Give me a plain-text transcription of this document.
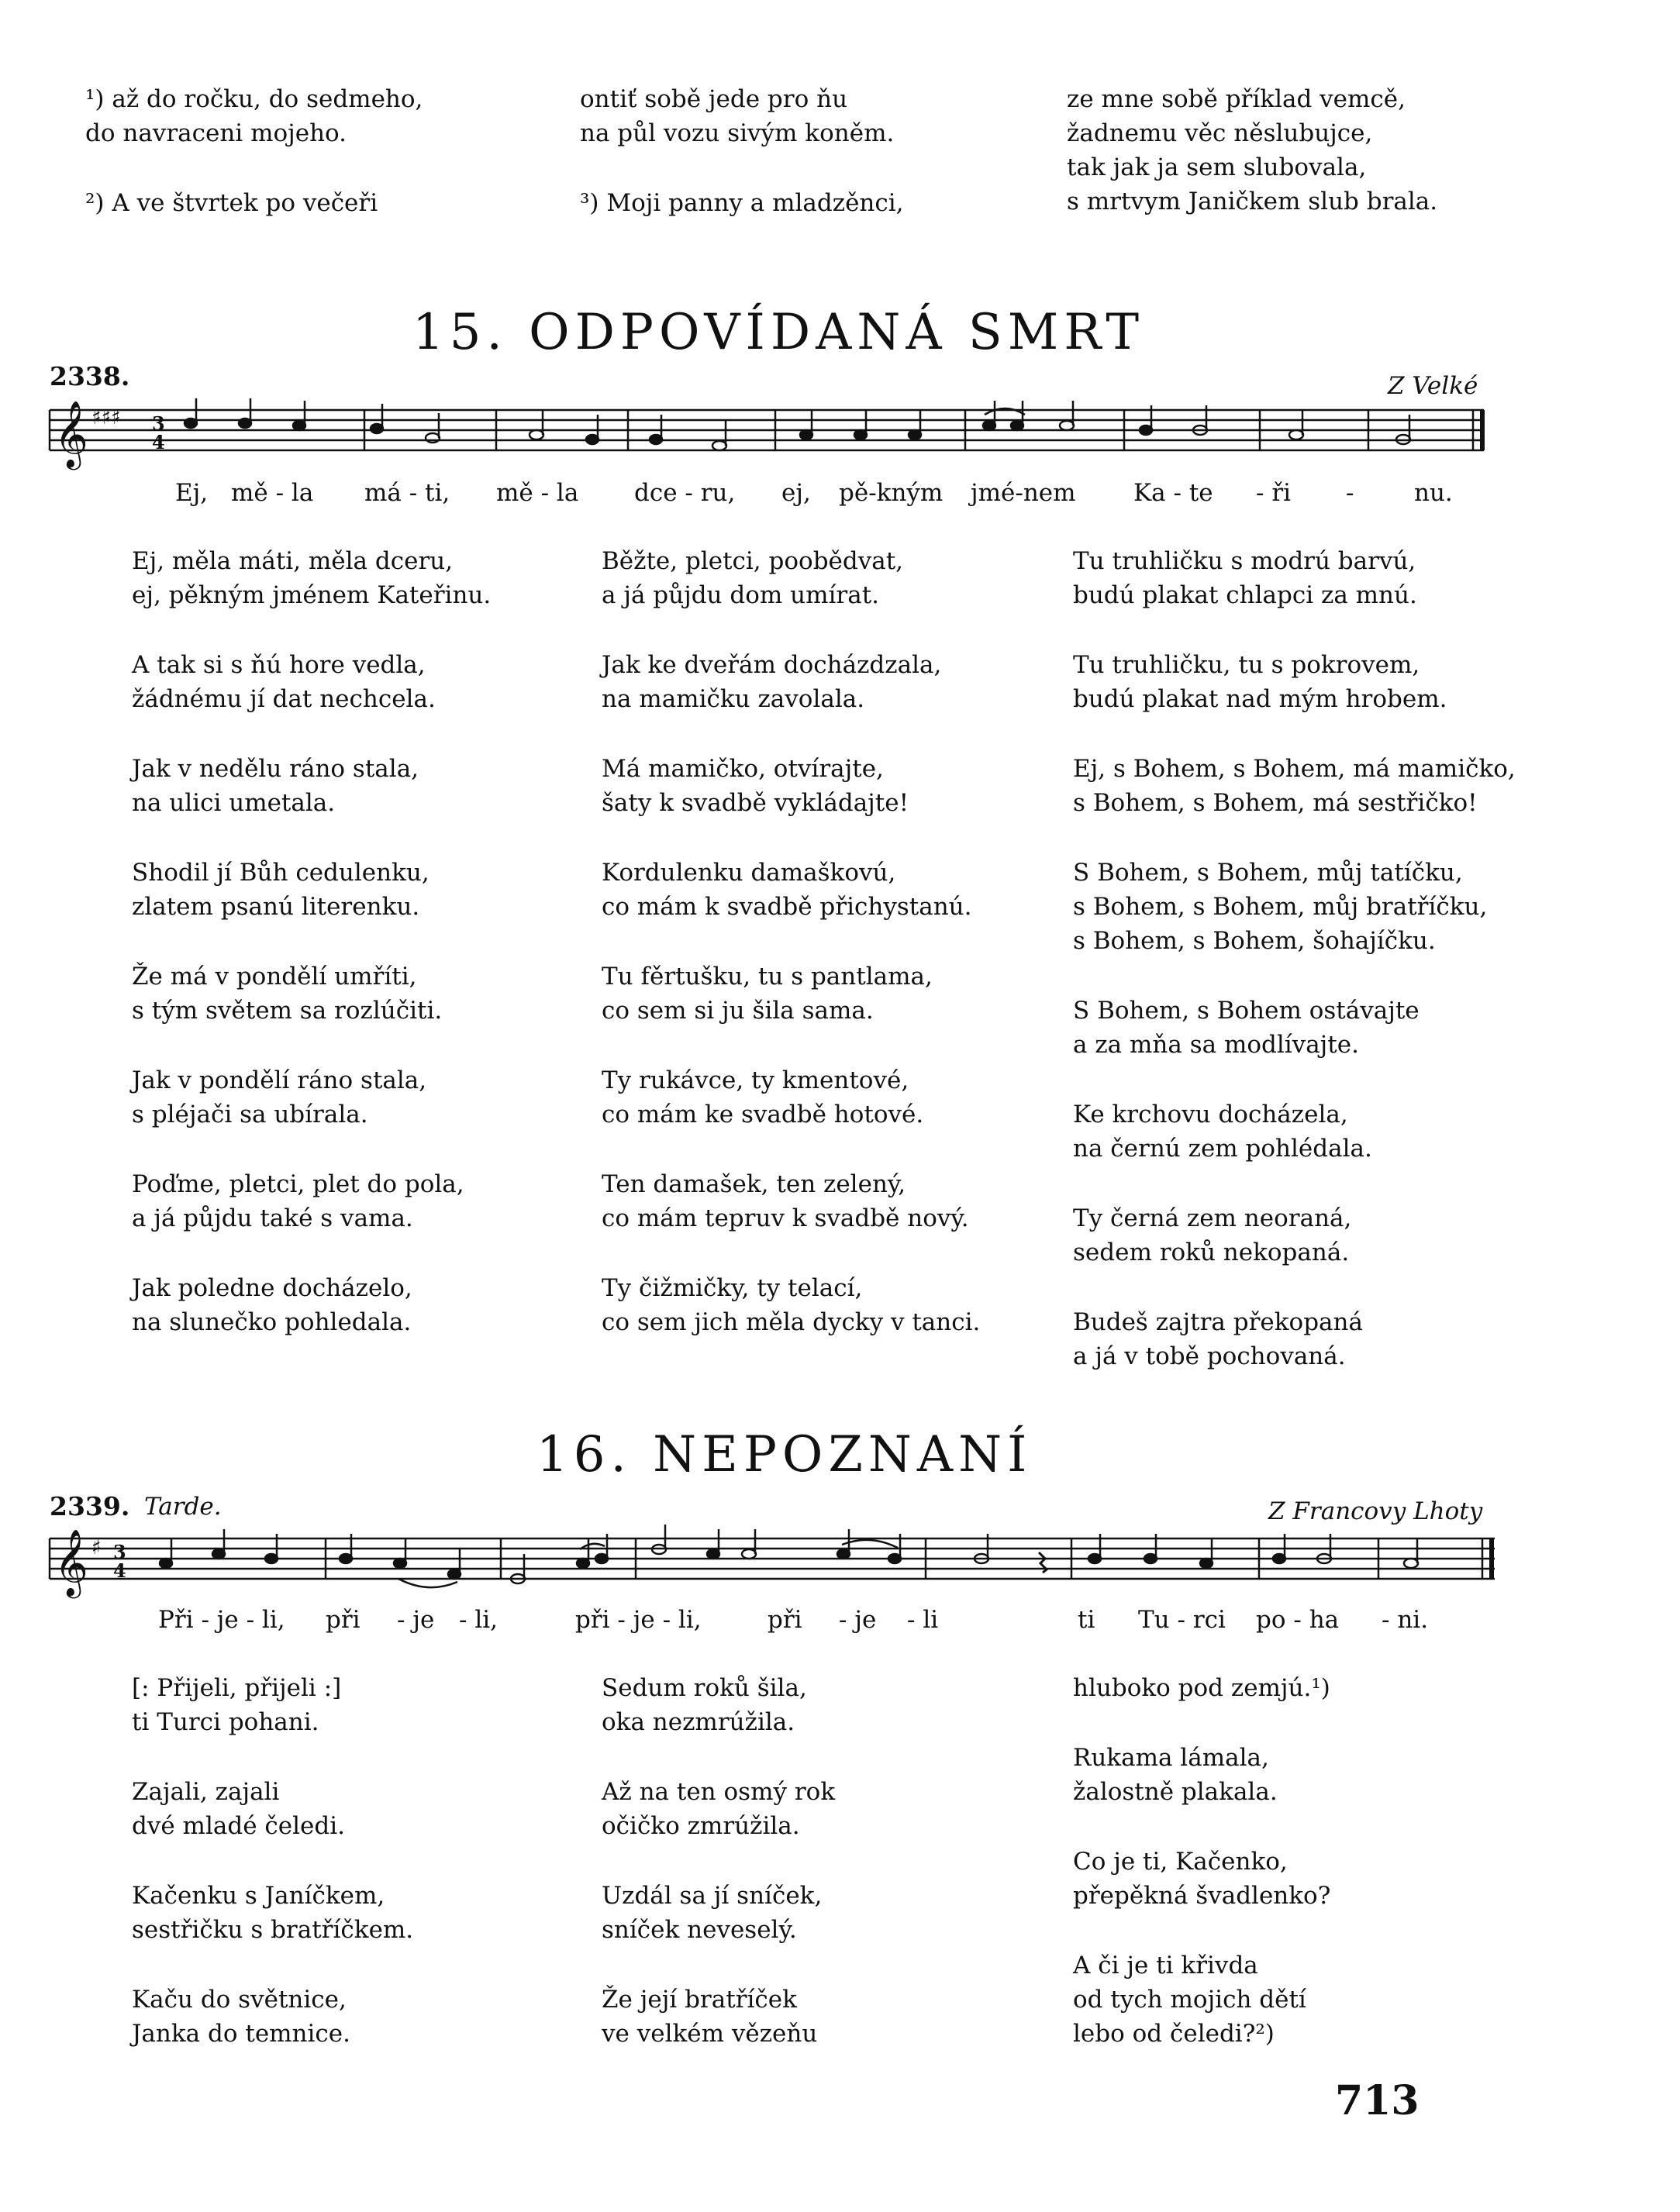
¹) až do ročku, do sedmeho,
do navraceni mojeho.
²) A ve štvrtek po večeři
ontiť sobě jede pro ňu
na půl vozu sivým koněm.
³) Moji panny a mladzěnci,
ze mne sobě příklad vemcě,
žadnemu věc něslubujce,
tak jak ja sem slubovala,
s mrtvym Janičkem slub brala.
15. ODPOVÍDANÁ SMRT
2338.	Z Velké
𝄞 ♯♯♯ 3
4
Ej, mě - la má - ti, mě - la dce - ru, ej, pě-kným jmé-nem Ka - te - ři -	nu.
Ej, měla máti, měla dceru,
ej, pěkným jménem Kateřinu.
A tak si s ňú hore vedla,
žádnému jí dat nechcela.
Jak v nedělu ráno stala,
na ulici umetala.
Shodil jí Bůh cedulenku,
zlatem psanú literenku.
Že má v pondělí umříti,
s tým světem sa rozlúčiti.
Jak v pondělí ráno stala,
s pléjači sa ubírala.
Poďme, pletci, plet do pola,
a já půjdu také s vama.
Jak poledne docházelo,
na slunečko pohledala.
Běžte, pletci, poobědvat,
a já půjdu dom umírat.
Jak ke dveřám docházdzala,
na mamičku zavolala.
Má mamičko, otvírajte,
šaty k svadbě vykládajte!
Kordulenku damaškovú,
co mám k svadbě přichystanú.
Tu fěrtušku, tu s pantlama,
co sem si ju šila sama.
Ty rukávce, ty kmentové,
co mám ke svadbě hotové.
Ten damašek, ten zelený,
co mám tepruv k svadbě nový.
Ty čižmičky, ty telací,
co sem jich měla dycky v tanci.
Tu truhličku s modrú barvú,
budú plakat chlapci za mnú.
Tu truhličku, tu s pokrovem,
budú plakat nad mým hrobem.
Ej, s Bohem, s Bohem, má mamičko,
s Bohem, s Bohem, má sestřičko!
S Bohem, s Bohem, můj tatíčku,
s Bohem, s Bohem, můj bratříčku,
s Bohem, s Bohem, šohajíčku.
S Bohem, s Bohem ostávajte
a za mňa sa modlívajte.
Ke krchovu docházela,
na černú zem pohlédala.
Ty černá zem neoraná,
sedem roků nekopaná.
Budeš zajtra překopaná
a já v tobě pochovaná.
16. NEPOZNANÍ
2339. Tarde.	Z Francovy Lhoty
𝄞 ♯ 3
4
Při - je - li, při - je - li,	při - je - li,	při - je - li	ti Tu - rci po - ha - ni.
[: Přijeli, přijeli :]
ti Turci pohani.
Zajali, zajali
dvé mladé čeledi.
Kačenku s Janíčkem,
sestřičku s bratříčkem.
Kaču do světnice,
Janka do temnice.
Sedum roků šila,
oka nezmrúžila.
Až na ten osmý rok
očičko zmrúžila.
Uzdál sa jí sníček,
sníček neveselý.
Že její bratříček
ve velkém vězeňu
hluboko pod zemjú.¹)
Rukama lámala,
žalostně plakala.
Co je ti, Kačenko,
přepěkná švadlenko?
A či je ti křivda
od tych mojich dětí
lebo od čeledi?²)
713
